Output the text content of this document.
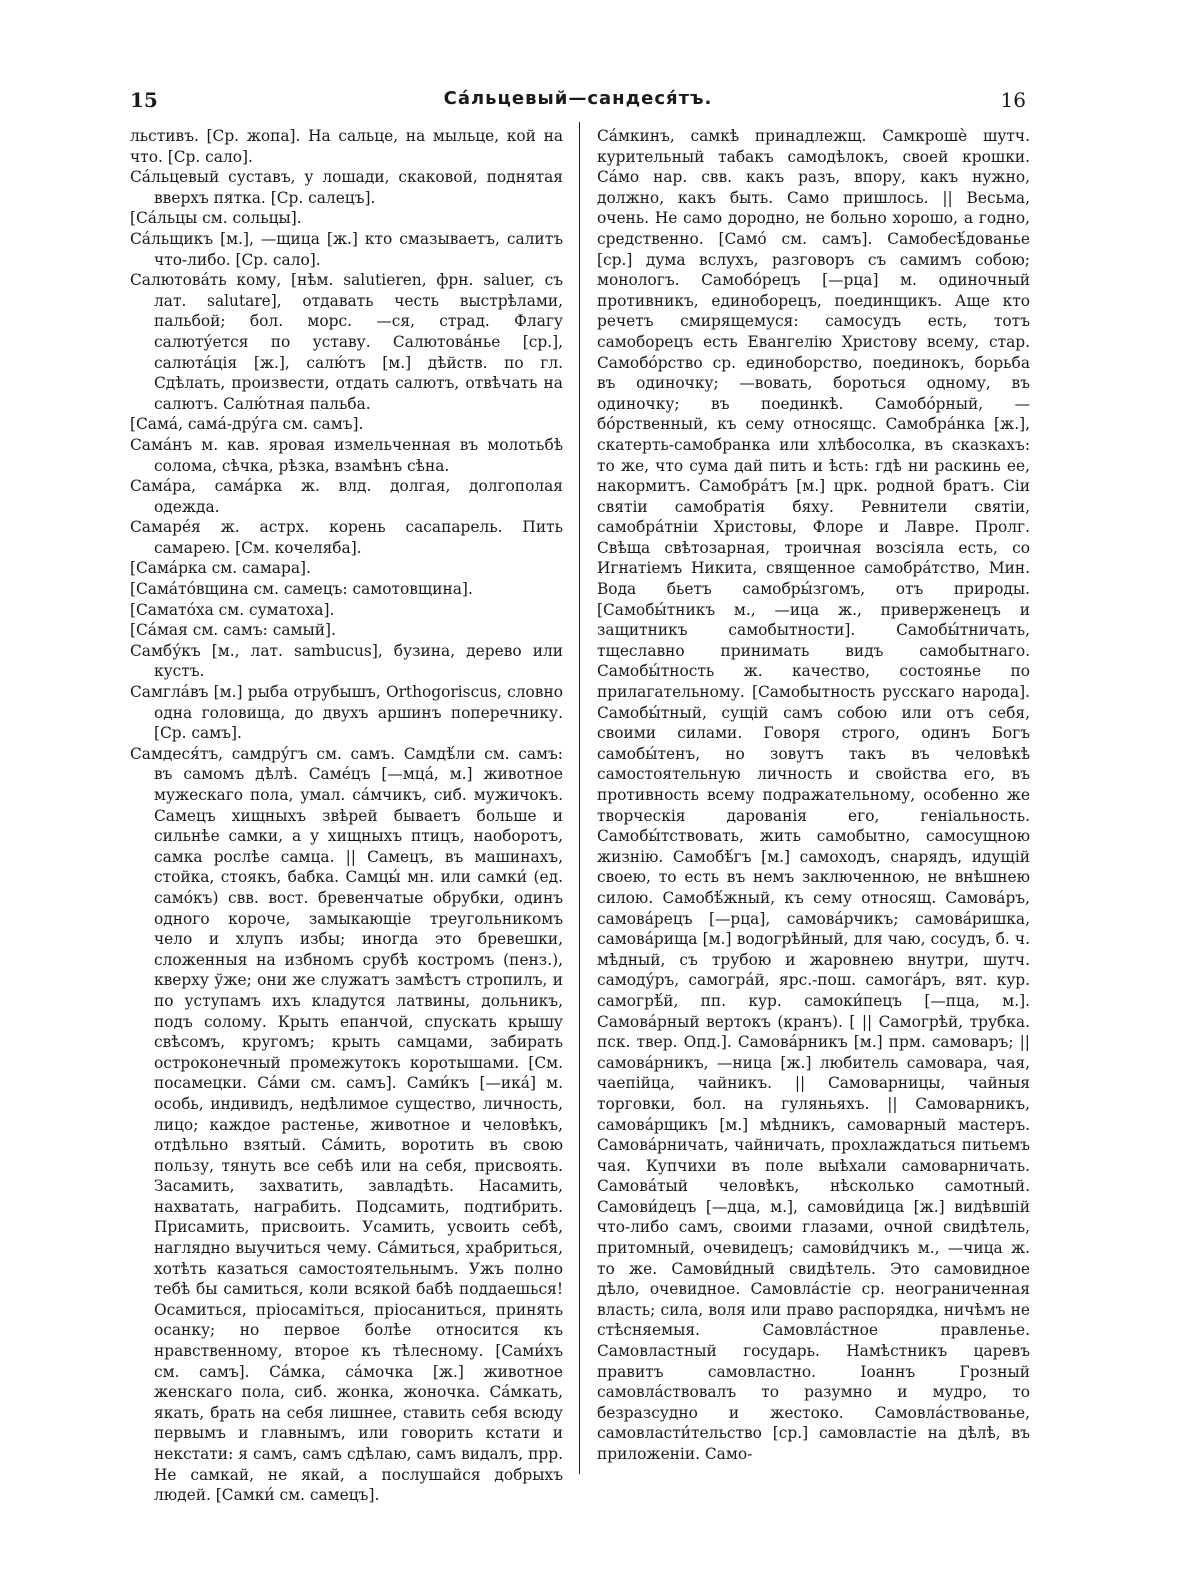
15	Са́льцевый—сандеся́тъ.	16

льстивъ. [Ср. жопа]. На сальце, на мыльце, кой на что. [Ср. сало].

Са́льцевый суставъ, у лошади, скаковой, поднятая вверхъ пятка. [Ср. салецъ].

[Са́льцы см. сольцы].

Са́льщикъ [м.], —щица [ж.] кто смазываетъ, салитъ что-либо. [Ср. сало].

Салютова́ть кому, [нѣм. salutieren, фрн. saluer, съ лат. salutare], отдавать честь выстрѣлами, пальбой; бол. морс. —ся, страд. Флагу салюту́ется по уставу. Салютова́нье [ср.], салюта́ція [ж.], салю́тъ [м.] дѣйств. по гл. Сдѣлать, произвести, отдать салютъ, отвѣчать на салютъ. Салю́тная пальба.

[Сама́, сама́-дру́га см. самъ].

Сама́нъ м. кав. яровая измельченная въ молотьбѣ солома, сѣчка, рѣзка, взамѣнъ сѣна.

Сама́ра, сама́рка ж. влд. долгая, долгополая одежда.

Самаре́я ж. астрх. корень сасапарель. Пить самарею. [См. кочеляба].

[Сама́рка см. самара].

[Сама́то́вщина см. самецъ: самотовщина].

[Самато́ха см. суматоха].

[Са́мая см. самъ: самый].

Самбу́къ [м., лат. sambucus], бузина, дерево или кустъ.

Самгла́въ [м.] рыба отрубышъ, Orthogoriscus, словно одна головища, до двухъ аршинъ поперечнику. [Ср. самъ].

Самдеся́тъ, самдру́гъ см. самъ. Самдѣ́ли см. самъ: въ самомъ дѣлѣ. Саме́цъ [—мца́, м.] животное мужескаго пола, умал. са́мчикъ, сиб. мужичокъ. Самецъ хищныхъ звѣрей бываетъ больше и сильнѣе самки, а у хищныхъ птицъ, наоборотъ, самка рослѣе самца. || Самецъ, въ машинахъ, стойка, стоякъ, бабка. Самцы́ мн. или самки́ (ед. само́къ) свв. вост. бревенчатые обрубки, одинъ одного короче, замыкающіе треугольникомъ чело и хлупъ избы; иногда это бревешки, сложенныя на избномъ срубѣ костромъ (пенз.), кверху ўже; они же служатъ замѣстъ стропилъ, и по уступамъ ихъ кладутся латвины, дольникъ, подъ солому. Крыть епанчой, спускать крышу свѣсомъ, кругомъ; крыть самцами, забирать остроконечный промежутокъ коротышами. [См. посамецки. Са́ми см. самъ]. Сами́къ [—ика́] м. особь, индивидъ, недѣлимое существо, личность, лицо; каждое растенье, животное и человѣкъ, отдѣльно взятый. Са́мить, воротить въ свою пользу, тянуть все себѣ или на себя, присвоять. Засамить, захватить, завладѣть. Насамить, нахватать, награбить. Подсамить, подтибрить. Присамить, присвоить. Усамить, усвоить себѣ, наглядно выучиться чему. Са́миться, храбриться, хотѣть казаться самостоятельнымъ. Ужъ полно тебѣ бы самиться, коли всякой бабѣ поддаешься! Осамиться, пріосаміться, пріосаниться, принять осанку; но первое болѣе относится къ нравственному, второе къ тѣлесному. [Сами́хъ см. самъ]. Са́мка, са́мочка [ж.] животное женскаго пола, сиб. жонка, жоночка. Са́мкать, якать, брать на себя лишнее, ставить себя всюду первымъ и главнымъ, или говорить кстати и некстати: я самъ, самъ сдѣлаю, самъ видалъ, прр. Не самкай, не якай, а послушайся добрыхъ людей. [Самки́ см. самецъ].

Са́мкинъ, самкѣ принадлежщ. Самкрошѐ шутч. курительный табакъ самодѣлокъ, своей крошки. Са́мо нар. свв. какъ разъ, впору, какъ нужно, должно, какъ быть. Само пришлось. || Весьма, очень. Не само дородно, не больно хорошо, а годно, средственно. [Само́ см. самъ]. Самобесѣ́дованье [ср.] дума вслухъ, разговоръ съ самимъ собою; монологъ. Самобо́рецъ [—рца] м. одиночный противникъ, единоборецъ, поединщикъ. Аще кто речетъ смирящемуся: самосудъ есть, тотъ самоборецъ есть Евангелію Христову всему, стар. Самобо́рство ср. единоборство, поединокъ, борьба въ одиночку; —вовать, бороться одному, въ одиночку; въ поединкѣ. Самобо́рный, —бо́рственный, къ сему относящс. Самобра́нка [ж.], скатерть-самобранка или хлѣбосолка, въ сказкахъ: то же, что сума дай пить и ѣсть: гдѣ ни раскинь ее, накормитъ. Самобра́тъ [м.] црк. родной братъ. Сіи святіи самобратія бяху. Ревнители святіи, самобра́тніи Христовы, Флоре и Лавре. Пролг. Свѣща свѣтозарная, троичная возсіяла есть, со Игнатіемъ Никита, священное самобра́тство, Мин. Вода бьетъ самобры́згомъ, отъ природы. [Самобы́тникъ м., —ица ж., приверженецъ и защитникъ самобытности]. Самобы́тничать, тщеславно принимать видъ самобытнаго. Самобы́тность ж. качество, состоянье по прилагательному. [Самобытность русскаго народа]. Самобы́тный, сущій самъ собою или отъ себя, своими силами. Говоря строго, одинъ Богъ самобы́тенъ, но зовутъ такъ въ человѣкѣ самостоятельную личность и свойства его, въ противность всему подражательному, особенно же творческія дарованія его, геніальность. Самобы́тствовать, жить самобытно, самосущною жизнію. Самобѣ́гъ [м.] самоходъ, снарядъ, идущій своею, то есть въ немъ заключенною, не внѣшнею силою. Самобѣ́жный, къ сему относящ. Самова́ръ, самова́рецъ [—рца], самова́рчикъ; самова́ришка, самова́рища [м.] водогрѣйный, для чаю, сосудъ, б. ч. мѣдный, съ трубою и жаровнею внутри, шутч. самоду́ръ, самогра́й, ярс.-пош. самога́ръ, вят. кур. самогрѣ́й, пп. кур. самоки́пецъ [—пца, м.]. Самова́рный вертокъ (кранъ). [ || Самогрѣй, трубка. пск. твер. Опд.]. Самова́рникъ [м.] прм. самоваръ; || самова́рникъ, —ница [ж.] любитель самовара, чая, чаепійца, чайникъ. || Самоварницы, чайныя торговки, бол. на гуляньяхъ. || Самоварникъ, самова́рщикъ [м.] мѣдникъ, самоварный мастеръ. Самова́рничать, чайничать, прохлаждаться питьемъ чая. Купчихи въ поле выѣхали самоварничать. Самова́тый человѣкъ, нѣсколько самотный. Самови́децъ [—дца, м.], самови́дица [ж.] видѣвшій что-либо самъ, своими глазами, очной свидѣтель, притомный, очевидецъ; самови́дчикъ м., —чица ж. то же. Самови́дный свидѣтель. Это самовидное дѣло, очевидное. Самовла́стіе ср. неограниченная власть; сила, воля или право распорядка, ничѣмъ не стѣсняемыя. Самовла́стное правленье. Самовластный государь. Намѣстникъ царевъ правитъ самовластно. Іоаннъ Грозный самовла́ствовалъ то разумно и мудро, то безразсудно и жестоко. Самовла́ствованье, самовласти́тельство [ср.] самовластіе на дѣлѣ, въ приложеніи. Само-
